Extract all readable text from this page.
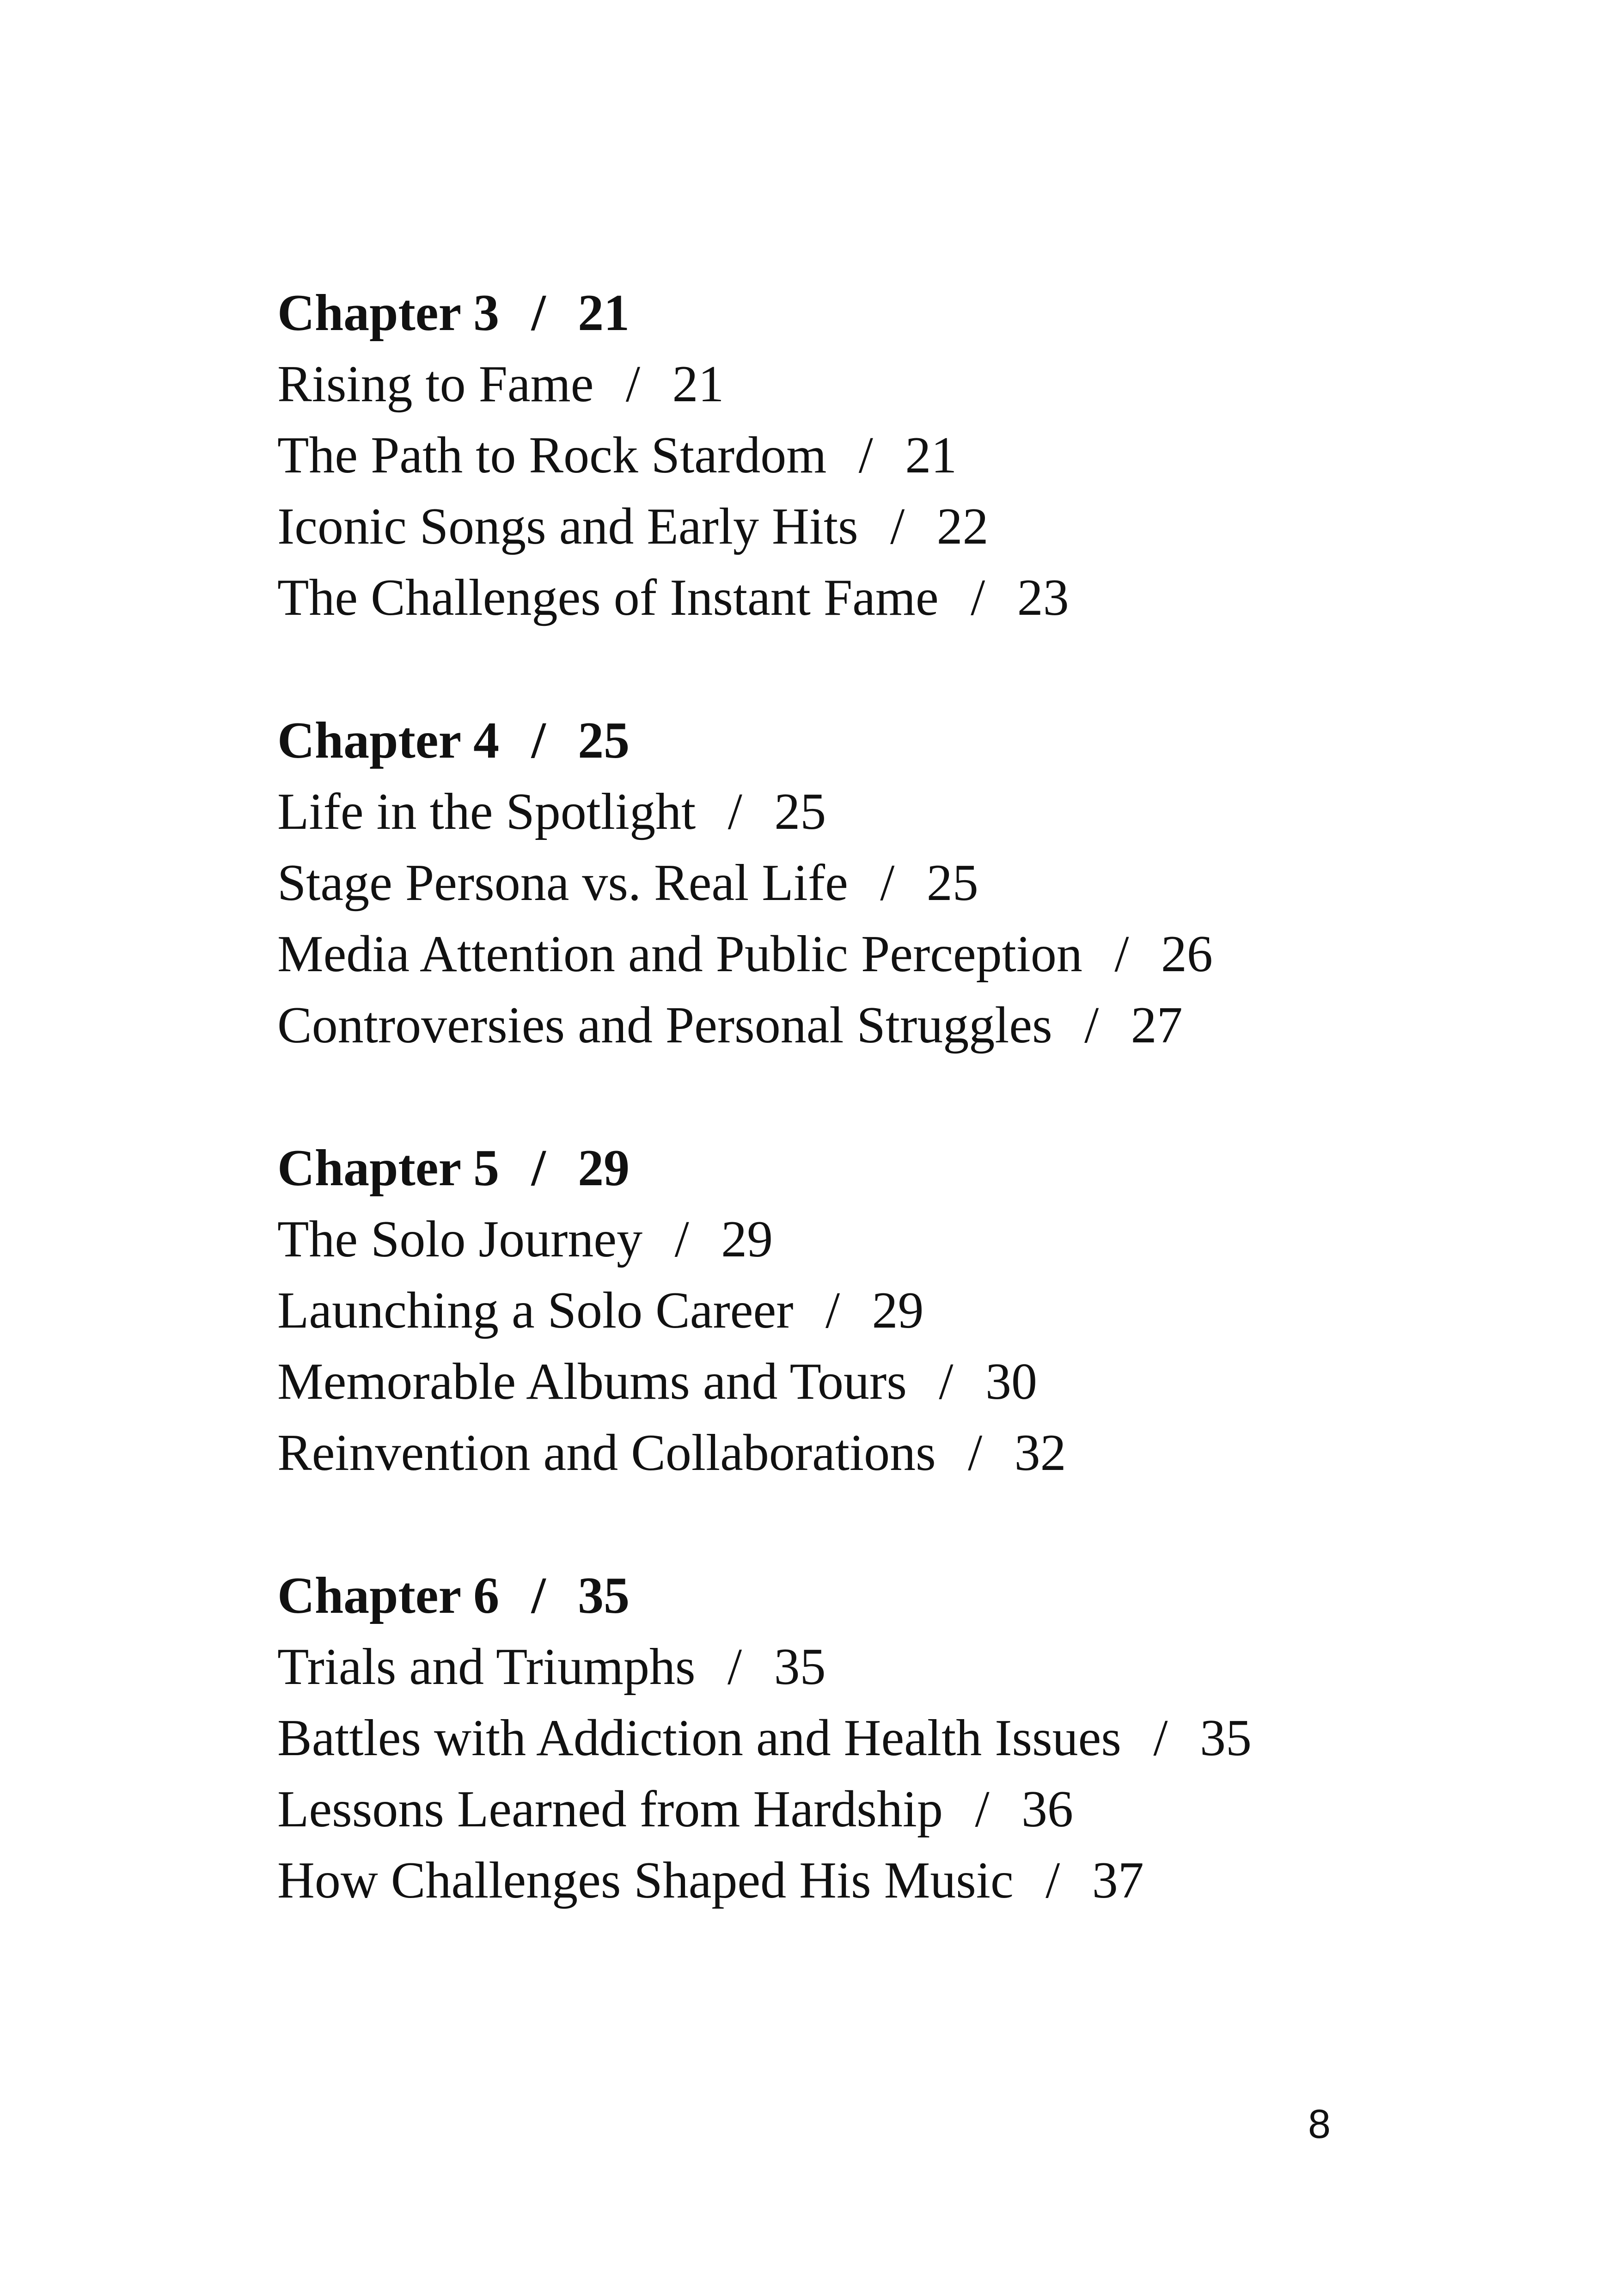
Chapter 3 / 21
Rising to Fame / 21
The Path to Rock Stardom / 21
Iconic Songs and Early Hits / 22
The Challenges of Instant Fame / 23
Chapter 4 / 25
Life in the Spotlight / 25
Stage Persona vs. Real Life / 25
Media Attention and Public Perception / 26
Controversies and Personal Struggles / 27
Chapter 5 / 29
The Solo Journey / 29
Launching a Solo Career / 29
Memorable Albums and Tours / 30
Reinvention and Collaborations / 32
Chapter 6 / 35
Trials and Triumphs / 35
Battles with Addiction and Health Issues / 35
Lessons Learned from Hardship / 36
How Challenges Shaped His Music / 37
8
